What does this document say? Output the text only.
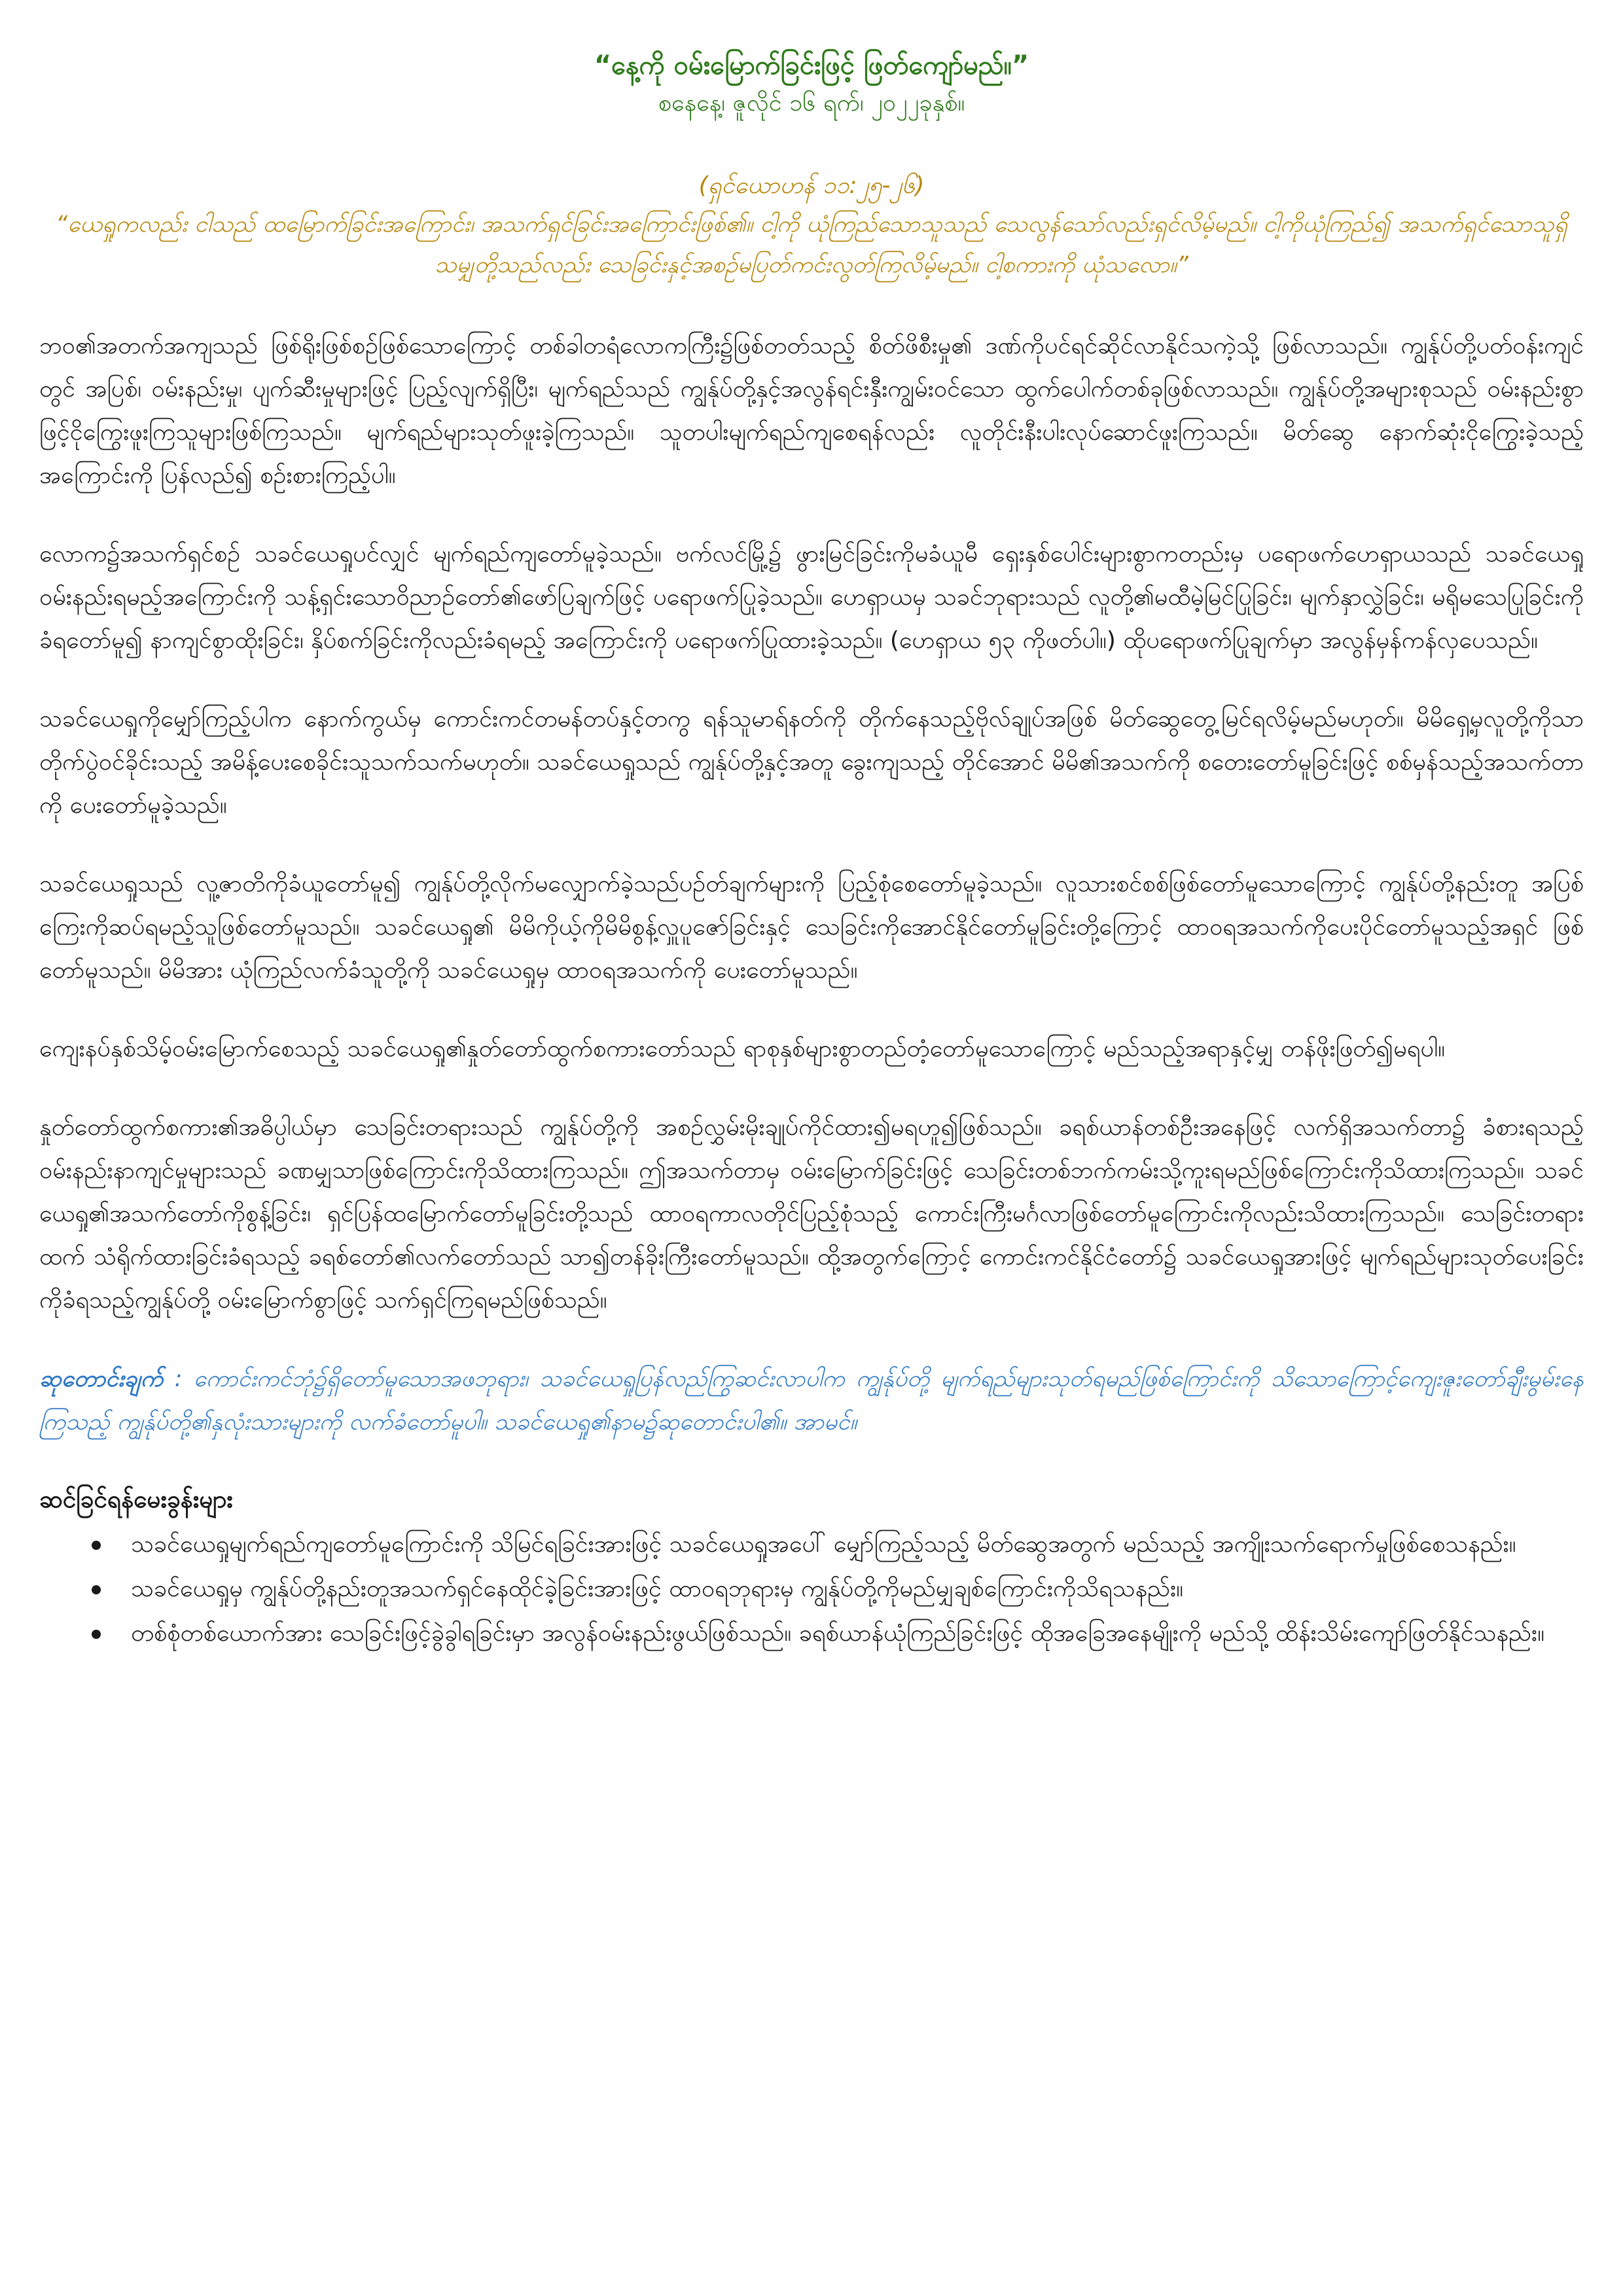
“နေ့ကို ဝမ်းမြောက်ခြင်းဖြင့် ဖြတ်ကျော်မည်။”

စနေနေ့၊ ဇူလိုင် ၁၆ ရက်၊ ၂၀၂၂ခုနှစ်။

(ရှင်ယောဟန် ၁၁:၂၅-၂၆)

“ယေရှုကလည်း ငါသည် ထမြောက်ခြင်းအကြောင်း၊ အသက်ရှင်ခြင်းအကြောင်းဖြစ်၏။ ငါ့ကို ယုံကြည်သောသူသည် သေလွန်သော်လည်းရှင်လိမ့်မည်။ ငါ့ကိုယုံကြည်၍ အသက်ရှင်သောသူရှိသမျှတို့သည်လည်း သေခြင်းနှင့်အစဉ်မပြတ်ကင်းလွတ်ကြလိမ့်မည်။ ငါ့စကားကို ယုံသလော။”

ဘဝ၏အတက်အကျသည် ဖြစ်ရိုးဖြစ်စဉ်ဖြစ်သောကြောင့် တစ်ခါတရံလောကကြီး၌ဖြစ်တတ်သည့် စိတ်ဖိစီးမှု၏ ဒဏ်ကိုပင်ရင်ဆိုင်လာနိုင်သကဲ့သို့ ဖြစ်လာသည်။ ကျွန်ုပ်တို့ပတ်ဝန်းကျင်တွင် အပြစ်၊ ဝမ်းနည်းမှု၊ ပျက်ဆီးမှုများဖြင့် ပြည့်လျက်ရှိပြီး၊ မျက်ရည်သည် ကျွန်ုပ်တို့နှင့်အလွန်ရင်းနှီးကျွမ်းဝင်သော ထွက်ပေါက်တစ်ခုဖြစ်လာသည်။ ကျွန်ုပ်တို့အများစုသည် ဝမ်းနည်းစွာဖြင့်ငိုကြွေးဖူးကြသူများဖြစ်ကြသည်။ မျက်ရည်များသုတ်ဖူးခဲ့ကြသည်။ သူတပါးမျက်ရည်ကျစေရန်လည်း လူတိုင်းနီးပါးလုပ်ဆောင်ဖူးကြသည်။ မိတ်ဆွေ နောက်ဆုံးငိုကြွေးခဲ့သည့်အကြောင်းကို ပြန်လည်၍ စဉ်းစားကြည့်ပါ။

လောက၌အသက်ရှင်စဉ် သခင်ယေရှုပင်လျှင် မျက်ရည်ကျတော်မူခဲ့သည်။ ဗက်လင်မြို့၌ ဖွားမြင်ခြင်းကိုမခံယူမီ ရှေးနှစ်ပေါင်းများစွာကတည်းမှ ပရောဖက်ဟေရှာယသည် သခင်ယေရှုဝမ်းနည်းရမည့်အကြောင်းကို သန့်ရှင်းသောဝိညာဉ်တော်၏ဖော်ပြချက်ဖြင့် ပရောဖက်ပြုခဲ့သည်။ ဟေရှာယမှ သခင်ဘုရားသည် လူတို့၏မထီမဲ့မြင်ပြုခြင်း၊ မျက်နှာလွှဲခြင်း၊ မရိုမသေပြုခြင်းကိုခံရတော်မူ၍ နာကျင်စွာထိုးခြင်း၊ နှိပ်စက်ခြင်းကိုလည်းခံရမည့် အကြောင်းကို ပရောဖက်ပြုထားခဲ့သည်။ (ဟေရှာယ ၅၃ ကိုဖတ်ပါ။) ထိုပရောဖက်ပြုချက်မှာ အလွန်မှန်ကန်လှပေသည်။

သခင်ယေရှုကိုမျှော်ကြည့်ပါက နောက်ကွယ်မှ ကောင်းကင်တမန်တပ်နှင့်တကွ ရန်သူမာရ်နတ်ကို တိုက်နေသည့်ဗိုလ်ချုပ်အဖြစ် မိတ်ဆွေတွေ့မြင်ရလိမ့်မည်မဟုတ်။ မိမိရှေ့မှလူတို့ကိုသာ တိုက်ပွဲဝင်ခိုင်းသည့် အမိန့်ပေးစေခိုင်းသူသက်သက်မဟုတ်။ သခင်ယေရှုသည် ကျွန်ုပ်တို့နှင့်အတူ ခွေးကျသည့် တိုင်အောင် မိမိ၏အသက်ကို စတေးတော်မူခြင်းဖြင့် စစ်မှန်သည့်အသက်တာကို ပေးတော်မူခဲ့သည်။

သခင်ယေရှုသည် လူ့ဇာတိကိုခံယူတော်မူ၍ ကျွန်ုပ်တို့လိုက်မလျှောက်ခဲ့သည်ပဉ်တ်ချက်များကို ပြည့်စုံစေတော်မူခဲ့သည်။ လူသားစင်စစ်ဖြစ်တော်မူသောကြောင့် ကျွန်ုပ်တို့နည်းတူ အပြစ်ကြေးကိုဆပ်ရမည့်သူဖြစ်တော်မူသည်။ သခင်ယေရှု၏ မိမိကိုယ့်ကိုမိမိစွန့်လှူပူဇော်ခြင်းနှင့် သေခြင်းကိုအောင်နိုင်တော်မူခြင်းတို့ကြောင့် ထာဝရအသက်ကိုပေးပိုင်တော်မူသည့်အရှင် ဖြစ်တော်မူသည်။ မိမိအား ယုံကြည်လက်ခံသူတို့ကို သခင်ယေရှုမှ ထာဝရအသက်ကို ပေးတော်မူသည်။

ကျေးနပ်နှစ်သိမ့်ဝမ်းမြောက်စေသည့် သခင်ယေရှု၏နှုတ်တော်ထွက်စကားတော်သည် ရာစုနှစ်များစွာတည်တံ့တော်မူသောကြောင့် မည်သည့်အရာနှင့်မျှ တန်ဖိုးဖြတ်၍မရပါ။

နှုတ်တော်ထွက်စကား၏အဓိပ္ပါယ်မှာ သေခြင်းတရားသည် ကျွန်ုပ်တို့ကို အစဉ်လွှမ်းမိုးချုပ်ကိုင်ထား၍မရဟူ၍ဖြစ်သည်။ ခရစ်ယာန်တစ်ဦးအနေဖြင့် လက်ရှိအသက်တာ၌ ခံစားရသည့်ဝမ်းနည်းနာကျင်မှုများသည် ခဏမျှသာဖြစ်ကြောင်းကိုသိထားကြသည်။ ဤအသက်တာမှ ဝမ်းမြောက်ခြင်းဖြင့် သေခြင်းတစ်ဘက်ကမ်းသို့ကူးရမည်ဖြစ်ကြောင်းကိုသိထားကြသည်။ သခင်ယေရှု၏အသက်တော်ကိုစွန့်ခြင်း၊ ရှင်ပြန်ထမြောက်တော်မူခြင်းတို့သည် ထာဝရကာလတိုင်ပြည့်စုံသည့် ကောင်းကြီးမင်္ဂလာဖြစ်တော်မူကြောင်းကိုလည်းသိထားကြသည်။ သေခြင်းတရားထက် သံရိုက်ထားခြင်းခံရသည့် ခရစ်တော်၏လက်တော်သည် သာ၍တန်ခိုးကြီးတော်မူသည်။ ထို့အတွက်ကြောင့် ကောင်းကင်နိုင်ငံတော်၌ သခင်ယေရှုအားဖြင့် မျက်ရည်များသုတ်ပေးခြင်းကိုခံရသည့်ကျွန်ုပ်တို့ ဝမ်းမြောက်စွာဖြင့် သက်ရှင်ကြရမည်ဖြစ်သည်။

ဆုတောင်းချက် : ကောင်းကင်ဘုံ၌ရှိတော်မူသောအဖဘုရား၊ သခင်ယေရှုပြန်လည်ကြွဆင်းလာပါက ကျွန်ုပ်တို့ မျက်ရည်များသုတ်ရမည်ဖြစ်ကြောင်းကို သိသောကြောင့်ကျေးဇူးတော်ချီးမွမ်းနေကြသည့် ကျွန်ုပ်တို့၏နှလုံးသားများကို လက်ခံတော်မူပါ။ သခင်ယေရှု၏နာမ၌ဆုတောင်းပါ၏။ အာမင်။

ဆင်ခြင်ရန်မေးခွန်းများ
သခင်ယေရှုမျက်ရည်ကျတော်မူကြောင်းကို သိမြင်ရခြင်းအားဖြင့် သခင်ယေရှုအပေါ် မျှော်ကြည့်သည့် မိတ်ဆွေအတွက် မည်သည့် အကျိုးသက်ရောက်မှုဖြစ်စေသနည်း။
သခင်ယေရှုမှ ကျွန်ုပ်တို့နည်းတူအသက်ရှင်နေထိုင်ခဲ့ခြင်းအားဖြင့် ထာဝရဘုရားမှ ကျွန်ုပ်တို့ကိုမည်မျှချစ်ကြောင်းကိုသိရသနည်း။
တစ်စုံတစ်ယောက်အား သေခြင်းဖြင့်ခွဲခွါရခြင်းမှာ အလွန်ဝမ်းနည်းဖွယ်ဖြစ်သည်။ ခရစ်ယာန်ယုံကြည်ခြင်းဖြင့် ထိုအခြေအနေမျိုးကို မည်သို့ ထိန်းသိမ်းကျော်ဖြတ်နိုင်သနည်း။
